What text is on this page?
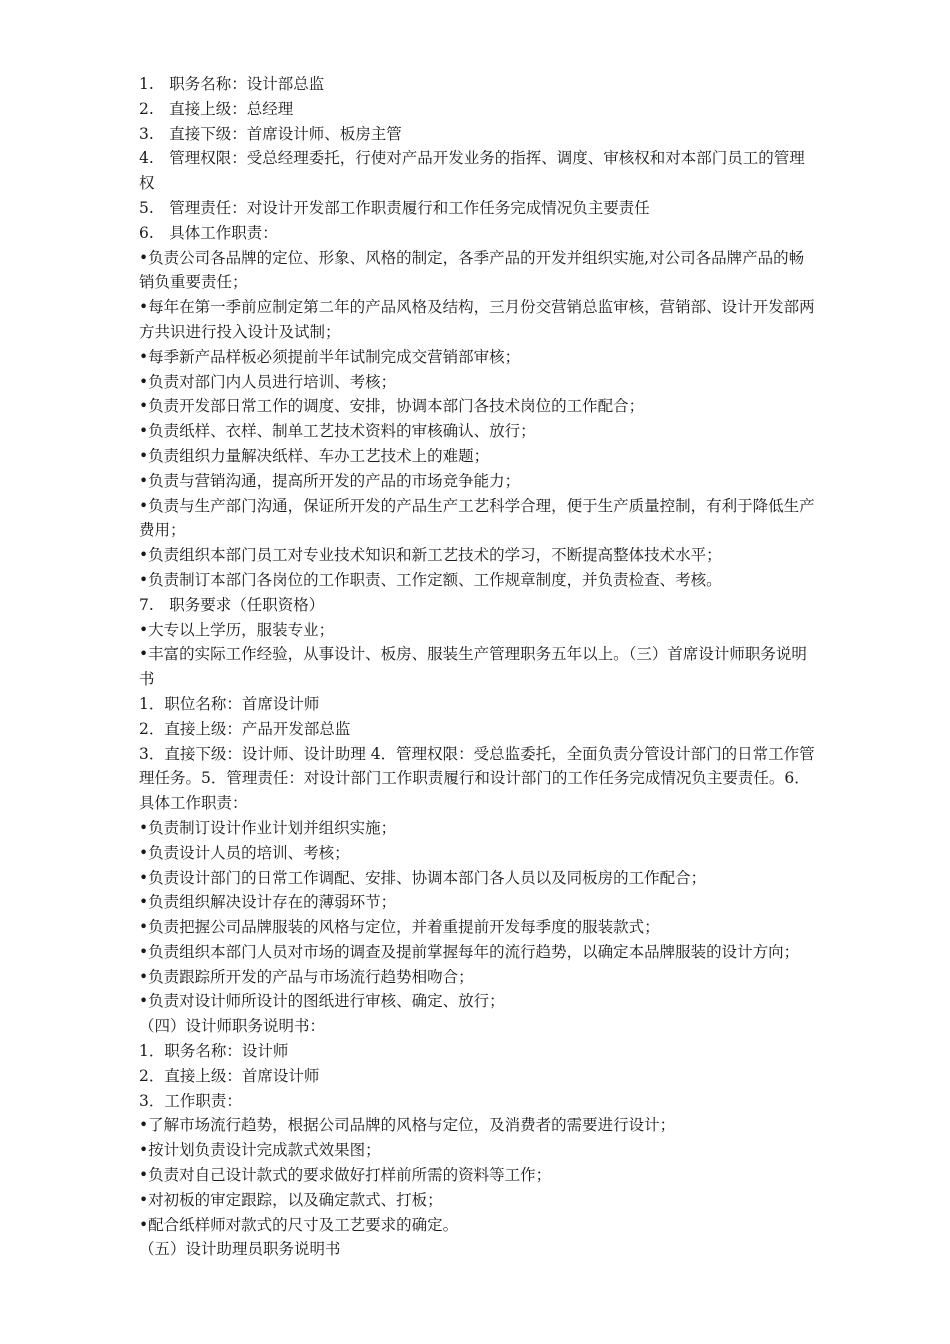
1.　职务名称：设计部总监

2.　直接上级：总经理

3.　直接下级：首席设计师、板房主管

4.　管理权限：受总经理委托，行使对产品开发业务的指挥、调度、审核权和对本部门员工的管理权

5.　管理责任：对设计开发部工作职责履行和工作任务完成情况负主要责任

6.　具体工作职责：

•负责公司各品牌的定位、形象、风格的制定，各季产品的开发并组织实施,对公司各品牌产品的畅销负重要责任；

•每年在第一季前应制定第二年的产品风格及结构，三月份交营销总监审核，营销部、设计开发部两方共识进行投入设计及试制；

•每季新产品样板必须提前半年试制完成交营销部审核；

•负责对部门内人员进行培训、考核；

•负责开发部日常工作的调度、安排，协调本部门各技术岗位的工作配合；

•负责纸样、衣样、制单工艺技术资料的审核确认、放行；

•负责组织力量解决纸样、车办工艺技术上的难题；

•负责与营销沟通，提高所开发的产品的市场竞争能力；

•负责与生产部门沟通，保证所开发的产品生产工艺科学合理，便于生产质量控制，有利于降低生产费用；

•负责组织本部门员工对专业技术知识和新工艺技术的学习，不断提高整体技术水平；

•负责制订本部门各岗位的工作职责、工作定额、工作规章制度，并负责检查、考核。

7.　职务要求（任职资格）

•大专以上学历，服装专业；

•丰富的实际工作经验，从事设计、板房、服装生产管理职务五年以上。（三）首席设计师职务说明书

1．职位名称：首席设计师

2．直接上级：产品开发部总监

3．直接下级：设计师、设计助理 4．管理权限：受总监委托，全面负责分管设计部门的日常工作管理任务。5．管理责任：对设计部门工作职责履行和设计部门的工作任务完成情况负主要责任。6．具体工作职责：

•负责制订设计作业计划并组织实施；

•负责设计人员的培训、考核；

•负责设计部门的日常工作调配、安排、协调本部门各人员以及同板房的工作配合；

•负责组织解决设计存在的薄弱环节；

•负责把握公司品牌服装的风格与定位，并着重提前开发每季度的服装款式；

•负责组织本部门人员对市场的调查及提前掌握每年的流行趋势，以确定本品牌服装的设计方向；

•负责跟踪所开发的产品与市场流行趋势相吻合；

•负责对设计师所设计的图纸进行审核、确定、放行；

（四）设计师职务说明书：

1．职务名称：设计师

2．直接上级：首席设计师

3．工作职责：

•了解市场流行趋势，根据公司品牌的风格与定位，及消费者的需要进行设计；

•按计划负责设计完成款式效果图；

•负责对自己设计款式的要求做好打样前所需的资料等工作；

•对初板的审定跟踪，以及确定款式、打板；

•配合纸样师对款式的尺寸及工艺要求的确定。

（五）设计助理员职务说明书
